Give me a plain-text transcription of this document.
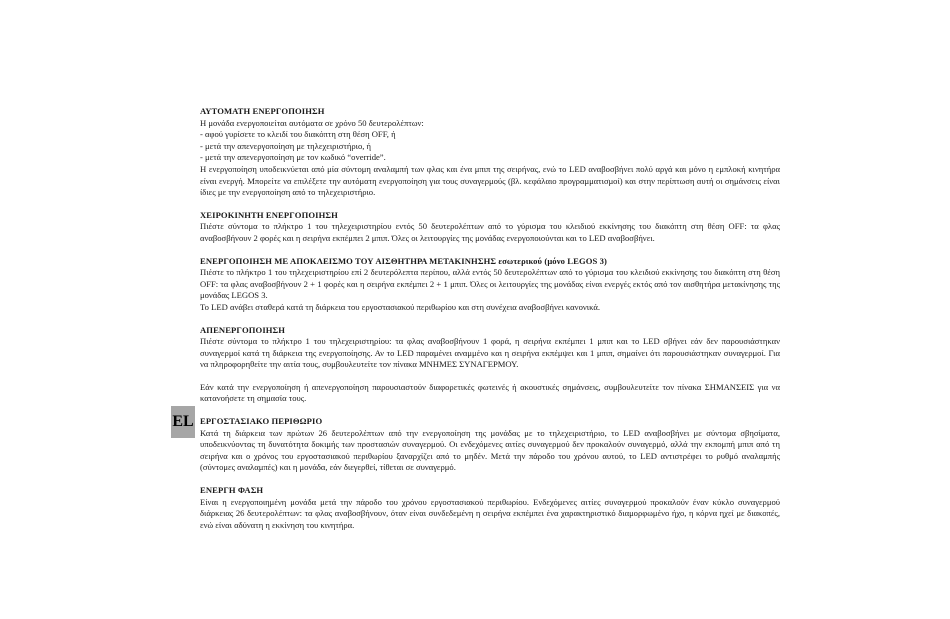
EL
ΑΥΤΟΜΑΤΗ ΕΝΕΡΓΟΠΟΙΗΣΗ

Η μονάδα ενεργοποιείται αυτόματα σε χρόνο 50 δευτερολέπτων:

- αφού γυρίσετε το κλειδί του διακόπτη στη θέση OFF, ή

- μετά την απενεργοποίηση με τηλεχειριστήριο, ή

- μετά την απενεργοποίηση με τον κωδικό “override”.

Η ενεργοποίηση υποδεικνύεται από μία σύντομη αναλαμπή των φλας και ένα μπιπ της σειρήνας, ενώ το LED αναβοσβήνει πολύ αργά και μόνο η εμπλοκή κινητήρα είναι ενεργή. Μπορείτε να επιλέξετε την αυτόματη ενεργοποίηση για τους συναγερμούς (βλ. κεφάλαιο προγραμματισμοί) και στην περίπτωση αυτή οι σημάνσεις είναι ίδιες με την ενεργοποίηση από το τηλεχειριστήριο.

ΧΕΙΡΟΚΙΝΗΤΗ ΕΝΕΡΓΟΠΟΙΗΣΗ

Πιέστε σύντομα το πλήκτρο 1 του τηλεχειριστηρίου εντός 50 δευτερολέπτων από το γύρισμα του κλειδιού εκκίνησης του διακόπτη στη θέση OFF: τα φλας αναβοσβήνουν 2 φορές και η σειρήνα εκπέμπει 2 μπιπ. Όλες οι λειτουργίες της μονάδας ενεργοποιούνται και το LED αναβοσβήνει.

ΕΝΕΡΓΟΠΟΙΗΣΗ ΜΕ ΑΠΟΚΛΕΙΣΜΟ ΤΟΥ ΑΙΣΘΗΤΗΡΑ ΜΕΤΑΚΙΝΗΣΗΣ εσωτερικού (μόνο LEGOS 3)

Πιέστε το πλήκτρο 1 του τηλεχειριστηρίου επί 2 δευτερόλεπτα περίπου, αλλά εντός 50 δευτερολέπτων από το γύρισμα του κλειδιού εκκίνησης του διακόπτη στη θέση OFF: τα φλας αναβοσβήνουν 2 + 1 φορές και η σειρήνα εκπέμπει 2 + 1 μπιπ. Όλες οι λειτουργίες της μονάδας είναι ενεργές εκτός από τον αισθητήρα μετακίνησης της μονάδας LEGOS 3.

Το LED ανάβει σταθερά κατά τη διάρκεια του εργοστασιακού περιθωρίου και στη συνέχεια αναβοσβήνει κανονικά.

ΑΠΕΝΕΡΓΟΠΟΙΗΣΗ

Πιέστε σύντομα το πλήκτρο 1 του τηλεχειριστηρίου: τα φλας αναβοσβήνουν 1 φορά, η σειρήνα εκπέμπει 1 μπιπ και το LED σβήνει εάν δεν παρουσιάστηκαν συναγερμοί κατά τη διάρκεια της ενεργοποίησης. Αν το LED παραμένει αναμμένο και η σειρήνα εκπέμψει και 1 μπιπ, σημαίνει ότι παρουσιάστηκαν συναγερμοί. Για να πληροφορηθείτε την αιτία τους, συμβουλευτείτε τον πίνακα ΜΝΗΜΕΣ ΣΥΝΑΓΕΡΜΟΥ.

Εάν κατά την ενεργοποίηση ή απενεργοποίηση παρουσιαστούν διαφορετικές φωτεινές ή ακουστικές σημάνσεις, συμβουλευτείτε τον πίνακα ΣΗΜΑΝΣΕΙΣ για να κατανοήσετε τη σημασία τους.

ΕΡΓΟΣΤΑΣΙΑΚΟ ΠΕΡΙΘΩΡΙΟ

Κατά τη διάρκεια των πρώτων 26 δευτερολέπτων από την ενεργοποίηση της μονάδας με το τηλεχειριστήριο, το LED αναβοσβήνει με σύντομα σβησίματα, υποδεικνύοντας τη δυνατότητα δοκιμής των προστασιών συναγερμού. Οι ενδεχόμενες αιτίες συναγερμού δεν προκαλούν συναγερμό, αλλά την εκπομπή μπιπ από τη σειρήνα και ο χρόνος του εργοστασιακού περιθωρίου ξαναρχίζει από το μηδέν. Μετά την πάροδο του χρόνου αυτού, το LED αντιστρέφει το ρυθμό αναλαμπής (σύντομες αναλαμπές) και η μονάδα, εάν διεγερθεί, τίθεται σε συναγερμό.

ΕΝΕΡΓΗ ΦΑΣΗ

Είναι η ενεργοποιημένη μονάδα μετά την πάροδο του χρόνου εργοστασιακού περιθωρίου. Ενδεχόμενες αιτίες συναγερμού προκαλούν έναν κύκλο συναγερμού διάρκειας 26 δευτερολέπτων: τα φλας αναβοσβήνουν, όταν είναι συνδεδεμένη η σειρήνα εκπέμπει ένα χαρακτηριστικό διαμορφωμένο ήχο, η κόρνα ηχεί με διακοπές, ενώ είναι αδύνατη η εκκίνηση του κινητήρα.
